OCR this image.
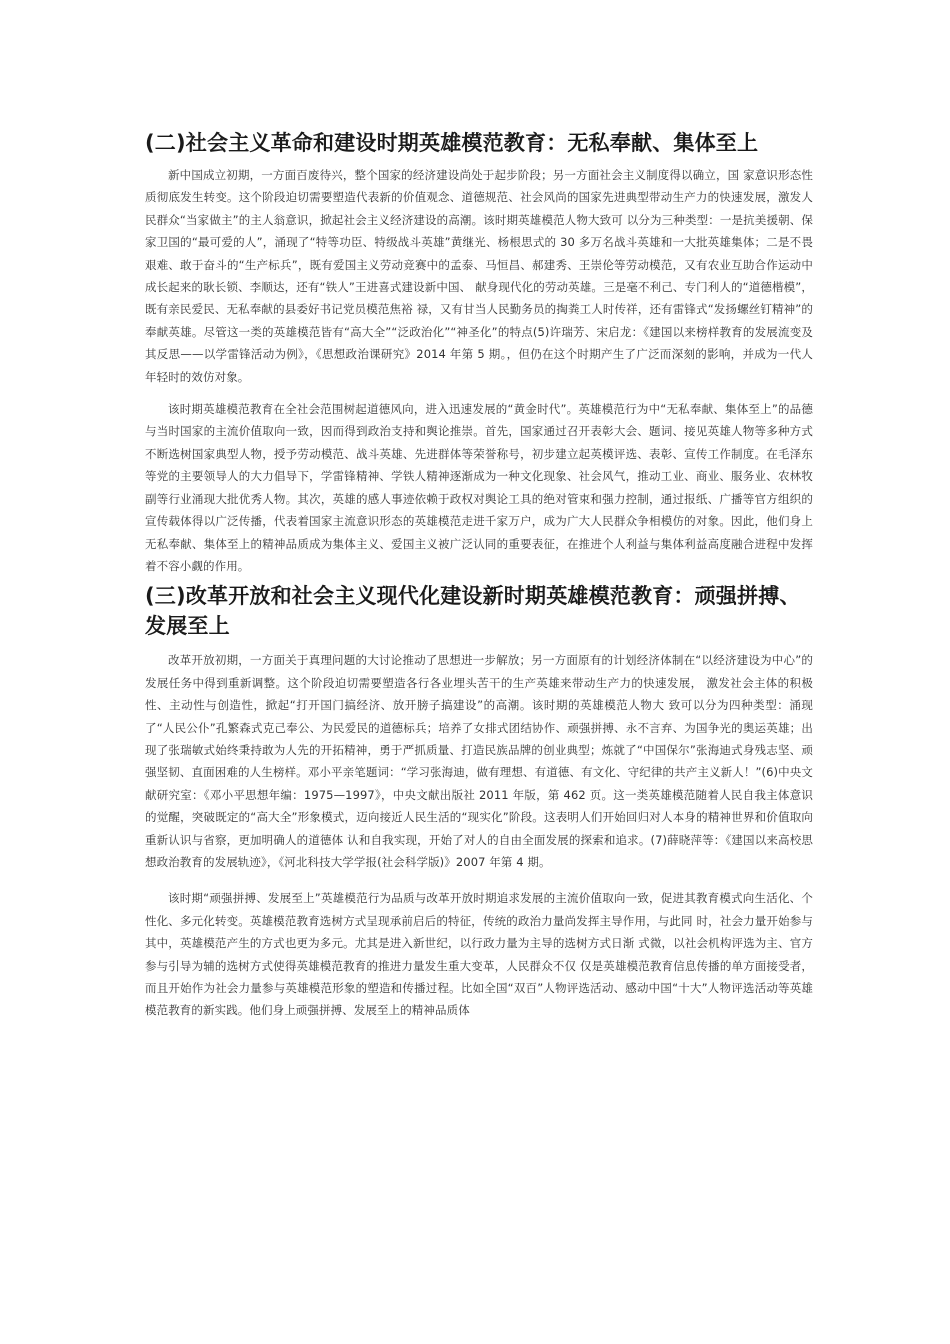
(二)社会主义革命和建设时期英雄模范教育：无私奉献、集体至上

新中国成立初期，一方面百废待兴，整个国家的经济建设尚处于起步阶段；另一方面社会主义制度得以确立，国 家意识形态性质彻底发生转变。这个阶段迫切需要塑造代表新的价值观念、道德规范、社会风尚的国家先进典型带动生产力的快速发展，激发人民群众“当家做主”的主人翁意识，掀起社会主义经济建设的高潮。该时期英雄模范人物大致可 以分为三种类型：一是抗美援朝、保家卫国的“最可爱的人”，涌现了“特等功臣、特级战斗英雄”黄继光、杨根思式的 30 多万名战斗英雄和一大批英雄集体；二是不畏艰难、敢于奋斗的“生产标兵”，既有爱国主义劳动竞赛中的孟泰、马恒昌、郝建秀、王崇伦等劳动模范，又有农业互助合作运动中成长起来的耿长锁、李顺达，还有“铁人”王进喜式建设新中国、 献身现代化的劳动英雄。三是毫不利己、专门利人的“道德楷模”，既有亲民爱民、无私奉献的县委好书记党员模范焦裕 禄，又有甘当人民勤务员的掏粪工人时传祥，还有雷锋式“发扬螺丝钉精神”的奉献英雄。尽管这一类的英雄模范皆有“高大全”“泛政治化”“神圣化”的特点(5)许瑞芳、宋启龙：《建国以来榜样教育的发展流变及其反思——以学雷锋活动为例》，《思想政治课研究》2014 年第 5 期。，但仍在这个时期产生了广泛而深刻的影响，并成为一代人年轻时的效仿对象。

该时期英雄模范教育在全社会范围树起道德风向，进入迅速发展的“黄金时代”。英雄模范行为中“无私奉献、集体至上”的品德与当时国家的主流价值取向一致，因而得到政治支持和舆论推崇。首先，国家通过召开表彰大会、题词、接见英雄人物等多种方式不断选树国家典型人物，授予劳动模范、战斗英雄、先进群体等荣誉称号，初步建立起英模评选、表彰、宣传工作制度。在毛泽东等党的主要领导人的大力倡导下，学雷锋精神、学铁人精神逐渐成为一种文化现象、社会风气，推动工业、商业、服务业、农林牧副等行业涌现大批优秀人物。其次，英雄的感人事迹依赖于政权对舆论工具的绝对管束和强力控制，通过报纸、广播等官方组织的宣传载体得以广泛传播，代表着国家主流意识形态的英雄模范走进千家万户，成为广大人民群众争相模仿的对象。因此，他们身上无私奉献、集体至上的精神品质成为集体主义、爱国主义被广泛认同的重要表征，在推进个人利益与集体利益高度融合进程中发挥着不容小觑的作用。

(三)改革开放和社会主义现代化建设新时期英雄模范教育：顽强拼搏、发展至上

改革开放初期，一方面关于真理问题的大讨论推动了思想进一步解放；另一方面原有的计划经济体制在“以经济建设为中心”的发展任务中得到重新调整。这个阶段迫切需要塑造各行各业埋头苦干的生产英雄来带动生产力的快速发展， 激发社会主体的积极性、主动性与创造性，掀起“打开国门搞经济、放开膀子搞建设”的高潮。该时期的英雄模范人物大 致可以分为四种类型：涌现了“人民公仆”孔繁森式克己奉公、为民爱民的道德标兵；培养了女排式团结协作、顽强拼搏、永不言弃、为国争光的奥运英雄；出现了张瑞敏式始终秉持敢为人先的开拓精神，勇于严抓质量、打造民族品牌的创业典型；炼就了“中国保尔”张海迪式身残志坚、顽强坚韧、直面困难的人生榜样。邓小平亲笔题词：“学习张海迪，做有理想、有道德、有文化、守纪律的共产主义新人！”(6)中央文献研究室：《邓小平思想年编：1975—1997》，中央文献出版社 2011 年版，第 462 页。这一类英雄模范随着人民自我主体意识的觉醒，突破既定的“高大全”形象模式，迈向接近人民生活的“现实化”阶段。这表明人们开始回归对人本身的精神世界和价值取向重新认识与省察，更加明确人的道德体 认和自我实现，开始了对人的自由全面发展的探索和追求。(7)薛晓萍等：《建国以来高校思想政治教育的发展轨迹》，《河北科技大学学报(社会科学版)》2007 年第 4 期。

该时期“顽强拼搏、发展至上”英雄模范行为品质与改革开放时期追求发展的主流价值取向一致，促进其教育模式向生活化、个性化、多元化转变。英雄模范教育选树方式呈现承前启后的特征，传统的政治力量尚发挥主导作用，与此同 时，社会力量开始参与其中，英雄模范产生的方式也更为多元。尤其是进入新世纪，以行政力量为主导的选树方式日渐 式微，以社会机构评选为主、官方参与引导为辅的选树方式使得英雄模范教育的推进力量发生重大变革，人民群众不仅 仅是英雄模范教育信息传播的单方面接受者，而且开始作为社会力量参与英雄模范形象的塑造和传播过程。比如全国“双百”人物评选活动、感动中国“十大”人物评选活动等英雄模范教育的新实践。他们身上顽强拼搏、发展至上的精神品质体
